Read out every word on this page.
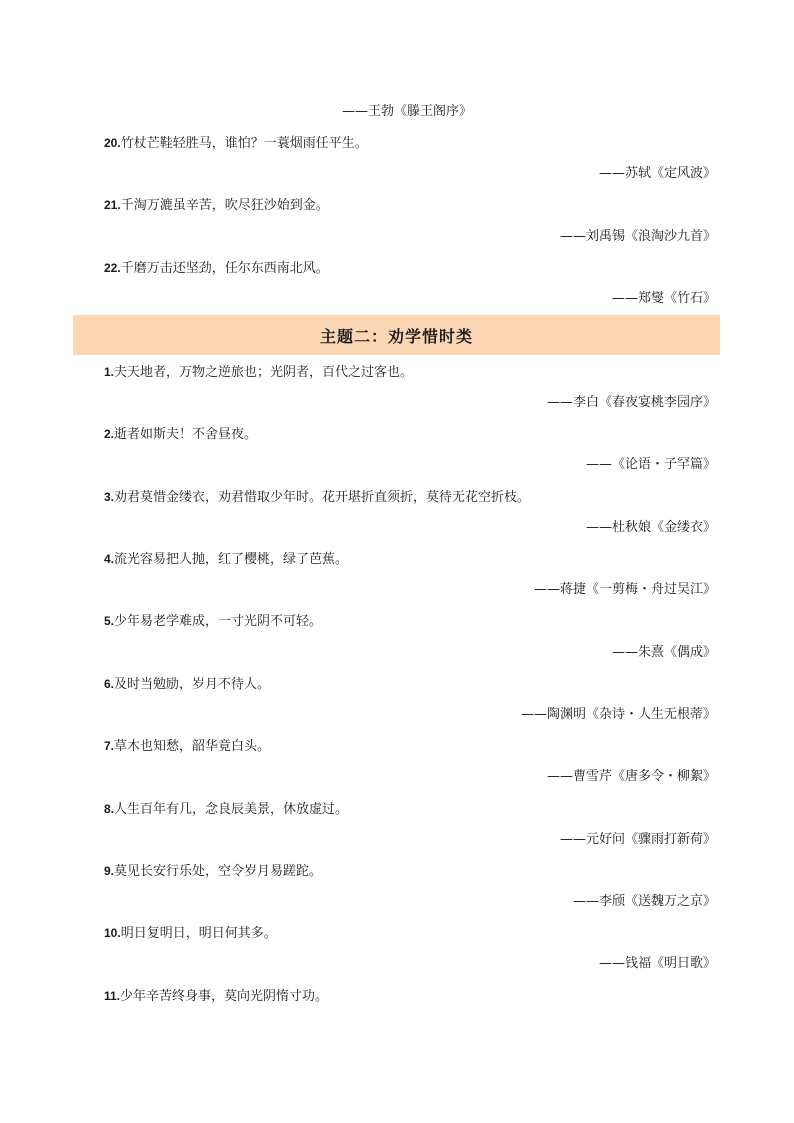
——王勃《滕王阁序》
20.竹杖芒鞋轻胜马，谁怕？一蓑烟雨任平生。
——苏轼《定风波》
21.千淘万漉虽辛苦，吹尽狂沙始到金。
——刘禹锡《浪淘沙九首》
22.千磨万击还坚劲，任尔东西南北风。
——郑燮《竹石》
主题二：劝学惜时类
1.夫天地者，万物之逆旅也；光阴者，百代之过客也。
——李白《春夜宴桃李园序》
2.逝者如斯夫！不舍昼夜。
——《论语・子罕篇》
3.劝君莫惜金缕衣，劝君惜取少年时。花开堪折直须折，莫待无花空折枝。
——杜秋娘《金缕衣》
4.流光容易把人抛，红了樱桃，绿了芭蕉。
——蒋捷《一剪梅・舟过吴江》
5.少年易老学难成，一寸光阴不可轻。
——朱熹《偶成》
6.及时当勉励，岁月不待人。
——陶渊明《杂诗・人生无根蒂》
7.草木也知愁，韶华竟白头。
——曹雪芹《唐多令・柳絮》
8.人生百年有几，念良辰美景，休放虚过。
——元好问《骤雨打新荷》
9.莫见长安行乐处，空令岁月易蹉跎。
——李颀《送魏万之京》
10.明日复明日，明日何其多。
——钱福《明日歌》
11.少年辛苦终身事，莫向光阴惰寸功。
